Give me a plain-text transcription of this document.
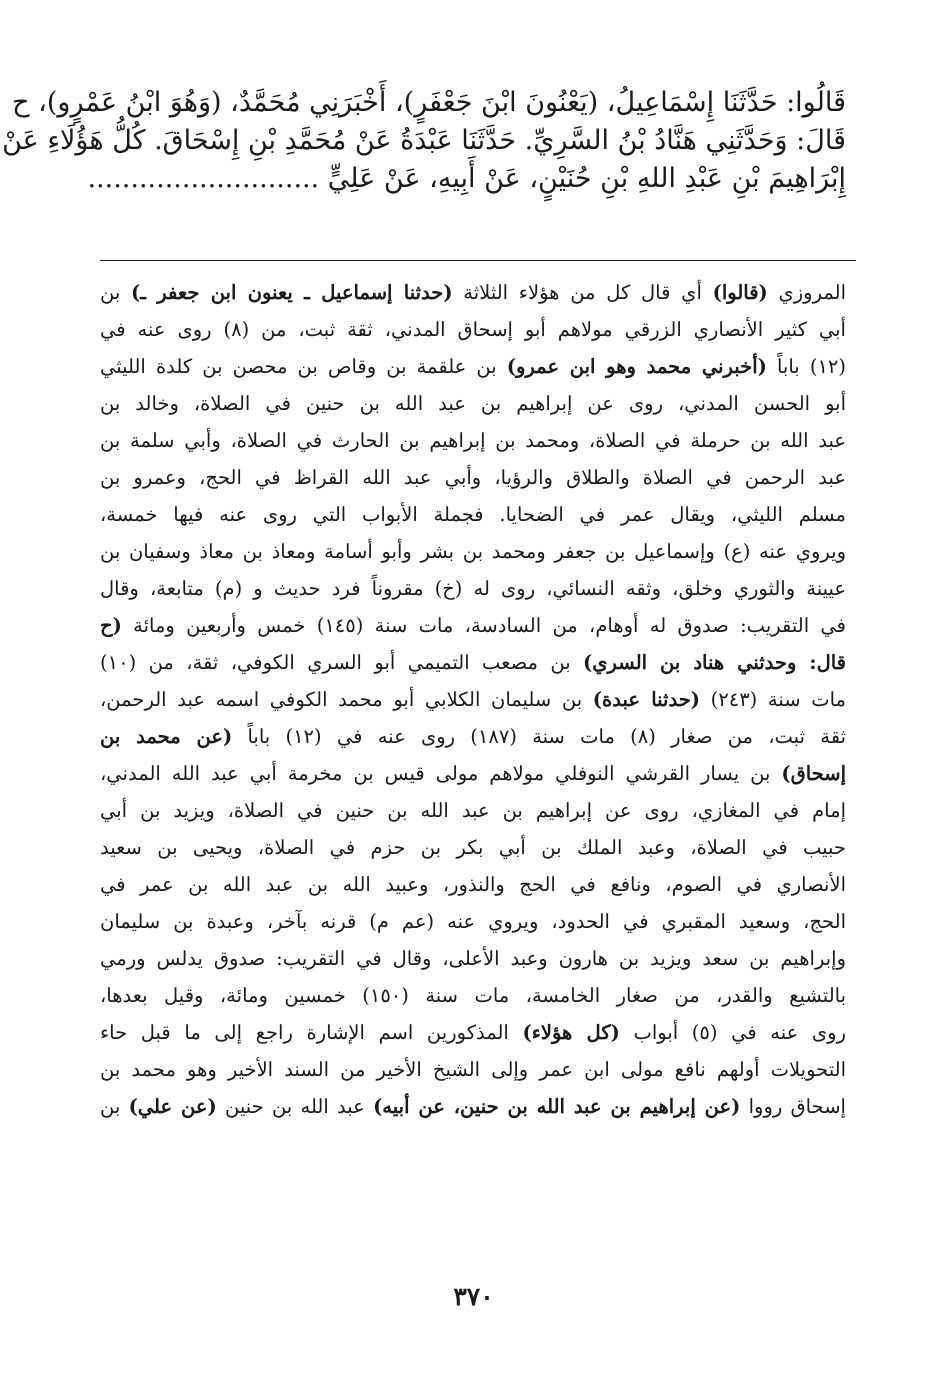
قَالُوا: حَدَّثَنَا إِسْمَاعِيلُ، (يَعْنُونَ ابْنَ جَعْفَرٍ)، أَخْبَرَنِي مُحَمَّدٌ، (وَهُوَ ابْنُ عَمْرٍو)، ح
قَالَ: وَحَدَّثَنِي هَنَّادُ بْنُ السَّرِيِّ. حَدَّثَنَا عَبْدَةُ عَنْ مُحَمَّدِ بْنِ إِسْحَاقَ. كُلُّ هَؤُلَاءِ عَنْ
إِبْرَاهِيمَ بْنِ عَبْدِ اللهِ بْنِ حُنَيْنٍ، عَنْ أَبِيهِ، عَنْ عَلِيٍّ ...........................
المروزي (قالوا) أي قال كل من هؤلاء الثلاثة (حدثنا إسماعيل ـ يعنون ابن جعفر ـ) بن
أبي كثير الأنصاري الزرقي مولاهم أبو إسحاق المدني، ثقة ثبت، من (٨) روى عنه في
(١٢) باباً (أخبرني محمد وهو ابن عمرو) بن علقمة بن وقاص بن محصن بن كلدة الليثي
أبو الحسن المدني، روى عن إبراهيم بن عبد الله بن حنين في الصلاة، وخالد بن
عبد الله بن حرملة في الصلاة، ومحمد بن إبراهيم بن الحارث في الصلاة، وأبي سلمة بن
عبد الرحمن في الصلاة والطلاق والرؤيا، وأبي عبد الله القراظ في الحج، وعمرو بن
مسلم الليثي، ويقال عمر في الضحايا. فجملة الأبواب التي روى عنه فيها خمسة،
ويروي عنه (ع) وإسماعيل بن جعفر ومحمد بن بشر وأبو أسامة ومعاذ بن معاذ وسفيان بن
عيينة والثوري وخلق، وثقه النسائي، روى له (خ) مقروناً فرد حديث و (م) متابعة، وقال
في التقريب: صدوق له أوهام، من السادسة، مات سنة (١٤٥) خمس وأربعين ومائة (ح
قال: وحدثني هناد بن السري) بن مصعب التميمي أبو السري الكوفي، ثقة، من (١٠)
مات سنة (٢٤٣) (حدثنا عبدة) بن سليمان الكلابي أبو محمد الكوفي اسمه عبد الرحمن،
ثقة ثبت، من صغار (٨) مات سنة (١٨٧) روى عنه في (١٢) باباً (عن محمد بن
إسحاق) بن يسار القرشي النوفلي مولاهم مولى قيس بن مخرمة أبي عبد الله المدني،
إمام في المغازي، روى عن إبراهيم بن عبد الله بن حنين في الصلاة، ويزيد بن أبي
حبيب في الصلاة، وعبد الملك بن أبي بكر بن حزم في الصلاة، ويحيى بن سعيد
الأنصاري في الصوم، ونافع في الحج والنذور، وعبيد الله بن عبد الله بن عمر في
الحج، وسعيد المقبري في الحدود، ويروي عنه (عم م) قرنه بآخر، وعبدة بن سليمان
وإبراهيم بن سعد ويزيد بن هارون وعبد الأعلى، وقال في التقريب: صدوق يدلس ورمي
بالتشيع والقدر، من صغار الخامسة، مات سنة (١٥٠) خمسين ومائة، وقيل بعدها،
روى عنه في (٥) أبواب (كل هؤلاء) المذكورين اسم الإشارة راجع إلى ما قبل حاء
التحويلات أولهم نافع مولى ابن عمر وإلى الشيخ الأخير من السند الأخير وهو محمد بن
إسحاق رووا (عن إبراهيم بن عبد الله بن حنين، عن أبيه) عبد الله بن حنين (عن علي) بن
٣٧٠
